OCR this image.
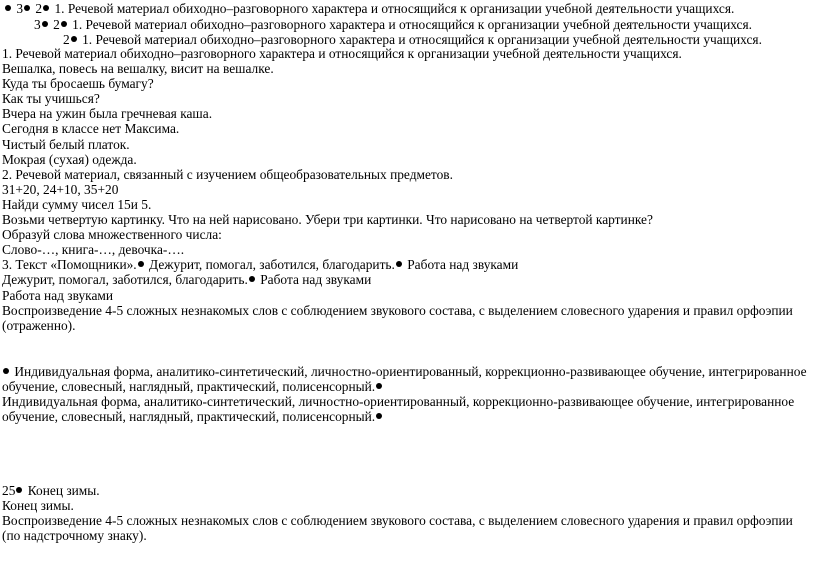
3 2 1. Речевой материал обиходно–разговорного характера и относящийся к организации учебной деятельности учащихся.
3 2 1. Речевой материал обиходно–разговорного характера и относящийся к организации учебной деятельности учащихся.
2 1. Речевой материал обиходно–разговорного характера и относящийся к организации учебной деятельности учащихся.

1. Речевой материал обиходно–разговорного характера и относящийся к организации учебной деятельности учащихся.

Вешалка, повесь на вешалку, висит на вешалке.

Куда ты бросаешь бумагу?

Как ты учишься?

Вчера на ужин была гречневая каша.

Сегодня в классе нет Максима.

Чистый белый платок.

Мокрая (сухая) одежда.

2. Речевой материал, связанный с изучением общеобразовательных предметов.

31+20, 24+10, 35+20

Найди сумму чисел 15и 5.

Возьми четвертую картинку. Что на ней нарисовано. Убери три картинки. Что нарисовано на четвертой картинке?

Образуй слова множественного числа:

Слово-…, книга-…, девочка-….

3. Текст «Помощники». Дежурит, помогал, заботился, благодарить. Работа над звуками

Дежурит, помогал, заботился, благодарить. Работа над звуками

Работа над звуками

Воспроизведение 4-5 сложных незнакомых слов с соблюдением звукового состава, с выделением словесного ударения и правил орфоэпии (отраженно).

Индивидуальная форма, аналитико-синтетический, личностно-ориентированный, коррекционно-развивающее обучение, интегрированное обучение, словесный, наглядный, практический, полисенсорный.

Индивидуальная форма, аналитико-синтетический, личностно-ориентированный, коррекционно-развивающее обучение, интегрированное обучение, словесный, наглядный, практический, полисенсорный.

25 Конец зимы.

Конец зимы.

Воспроизведение 4-5 сложных незнакомых слов с соблюдением звукового состава, с выделением словесного ударения и правил орфоэпии (по надстрочному знаку).
